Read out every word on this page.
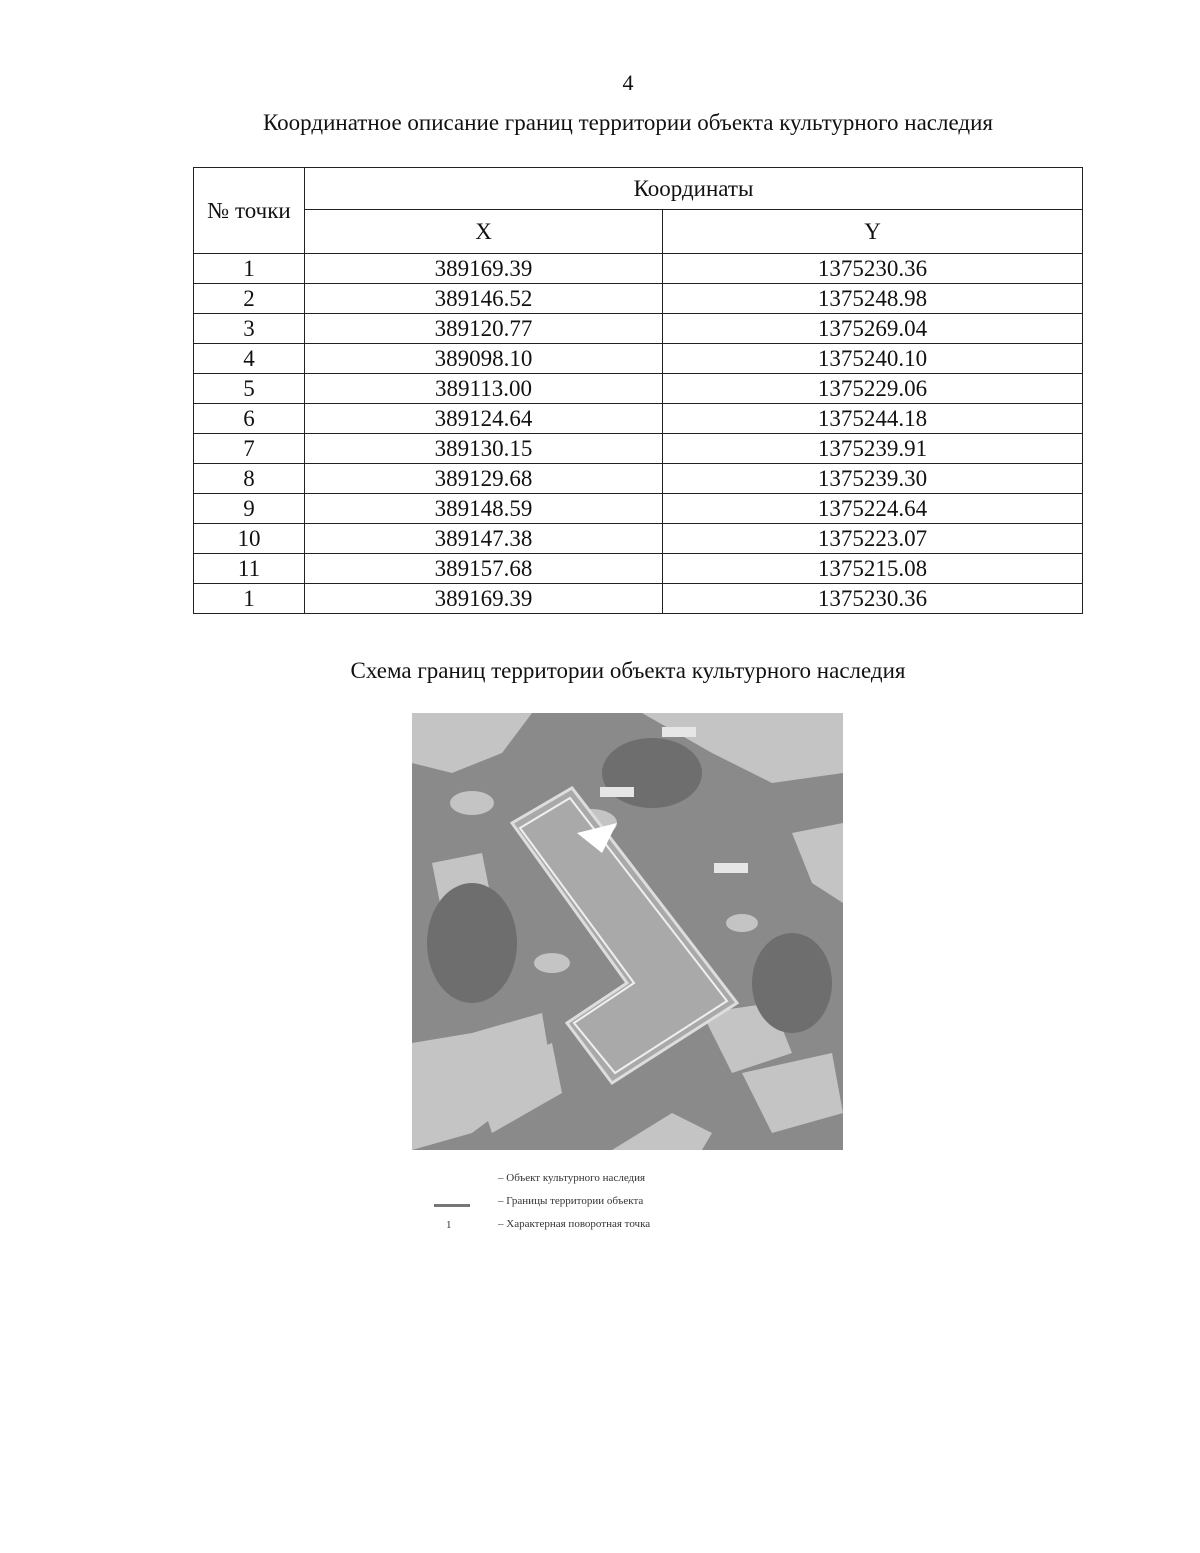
4
Координатное описание границ территории объекта культурного наследия
№ точки	Координаты	
	X	Y
1	389169.39	1375230.36
2	389146.52	1375248.98
3	389120.77	1375269.04
4	389098.10	1375240.10
5	389113.00	1375229.06
6	389124.64	1375244.18
7	389130.15	1375239.91
8	389129.68	1375239.30
9	389148.59	1375224.64
10	389147.38	1375223.07
11	389157.68	1375215.08
1	389169.39	1375230.36
Схема границ территории объекта культурного наследия
– Объект культурного наследия
– Границы территории объекта
1	– Характерная поворотная точка
